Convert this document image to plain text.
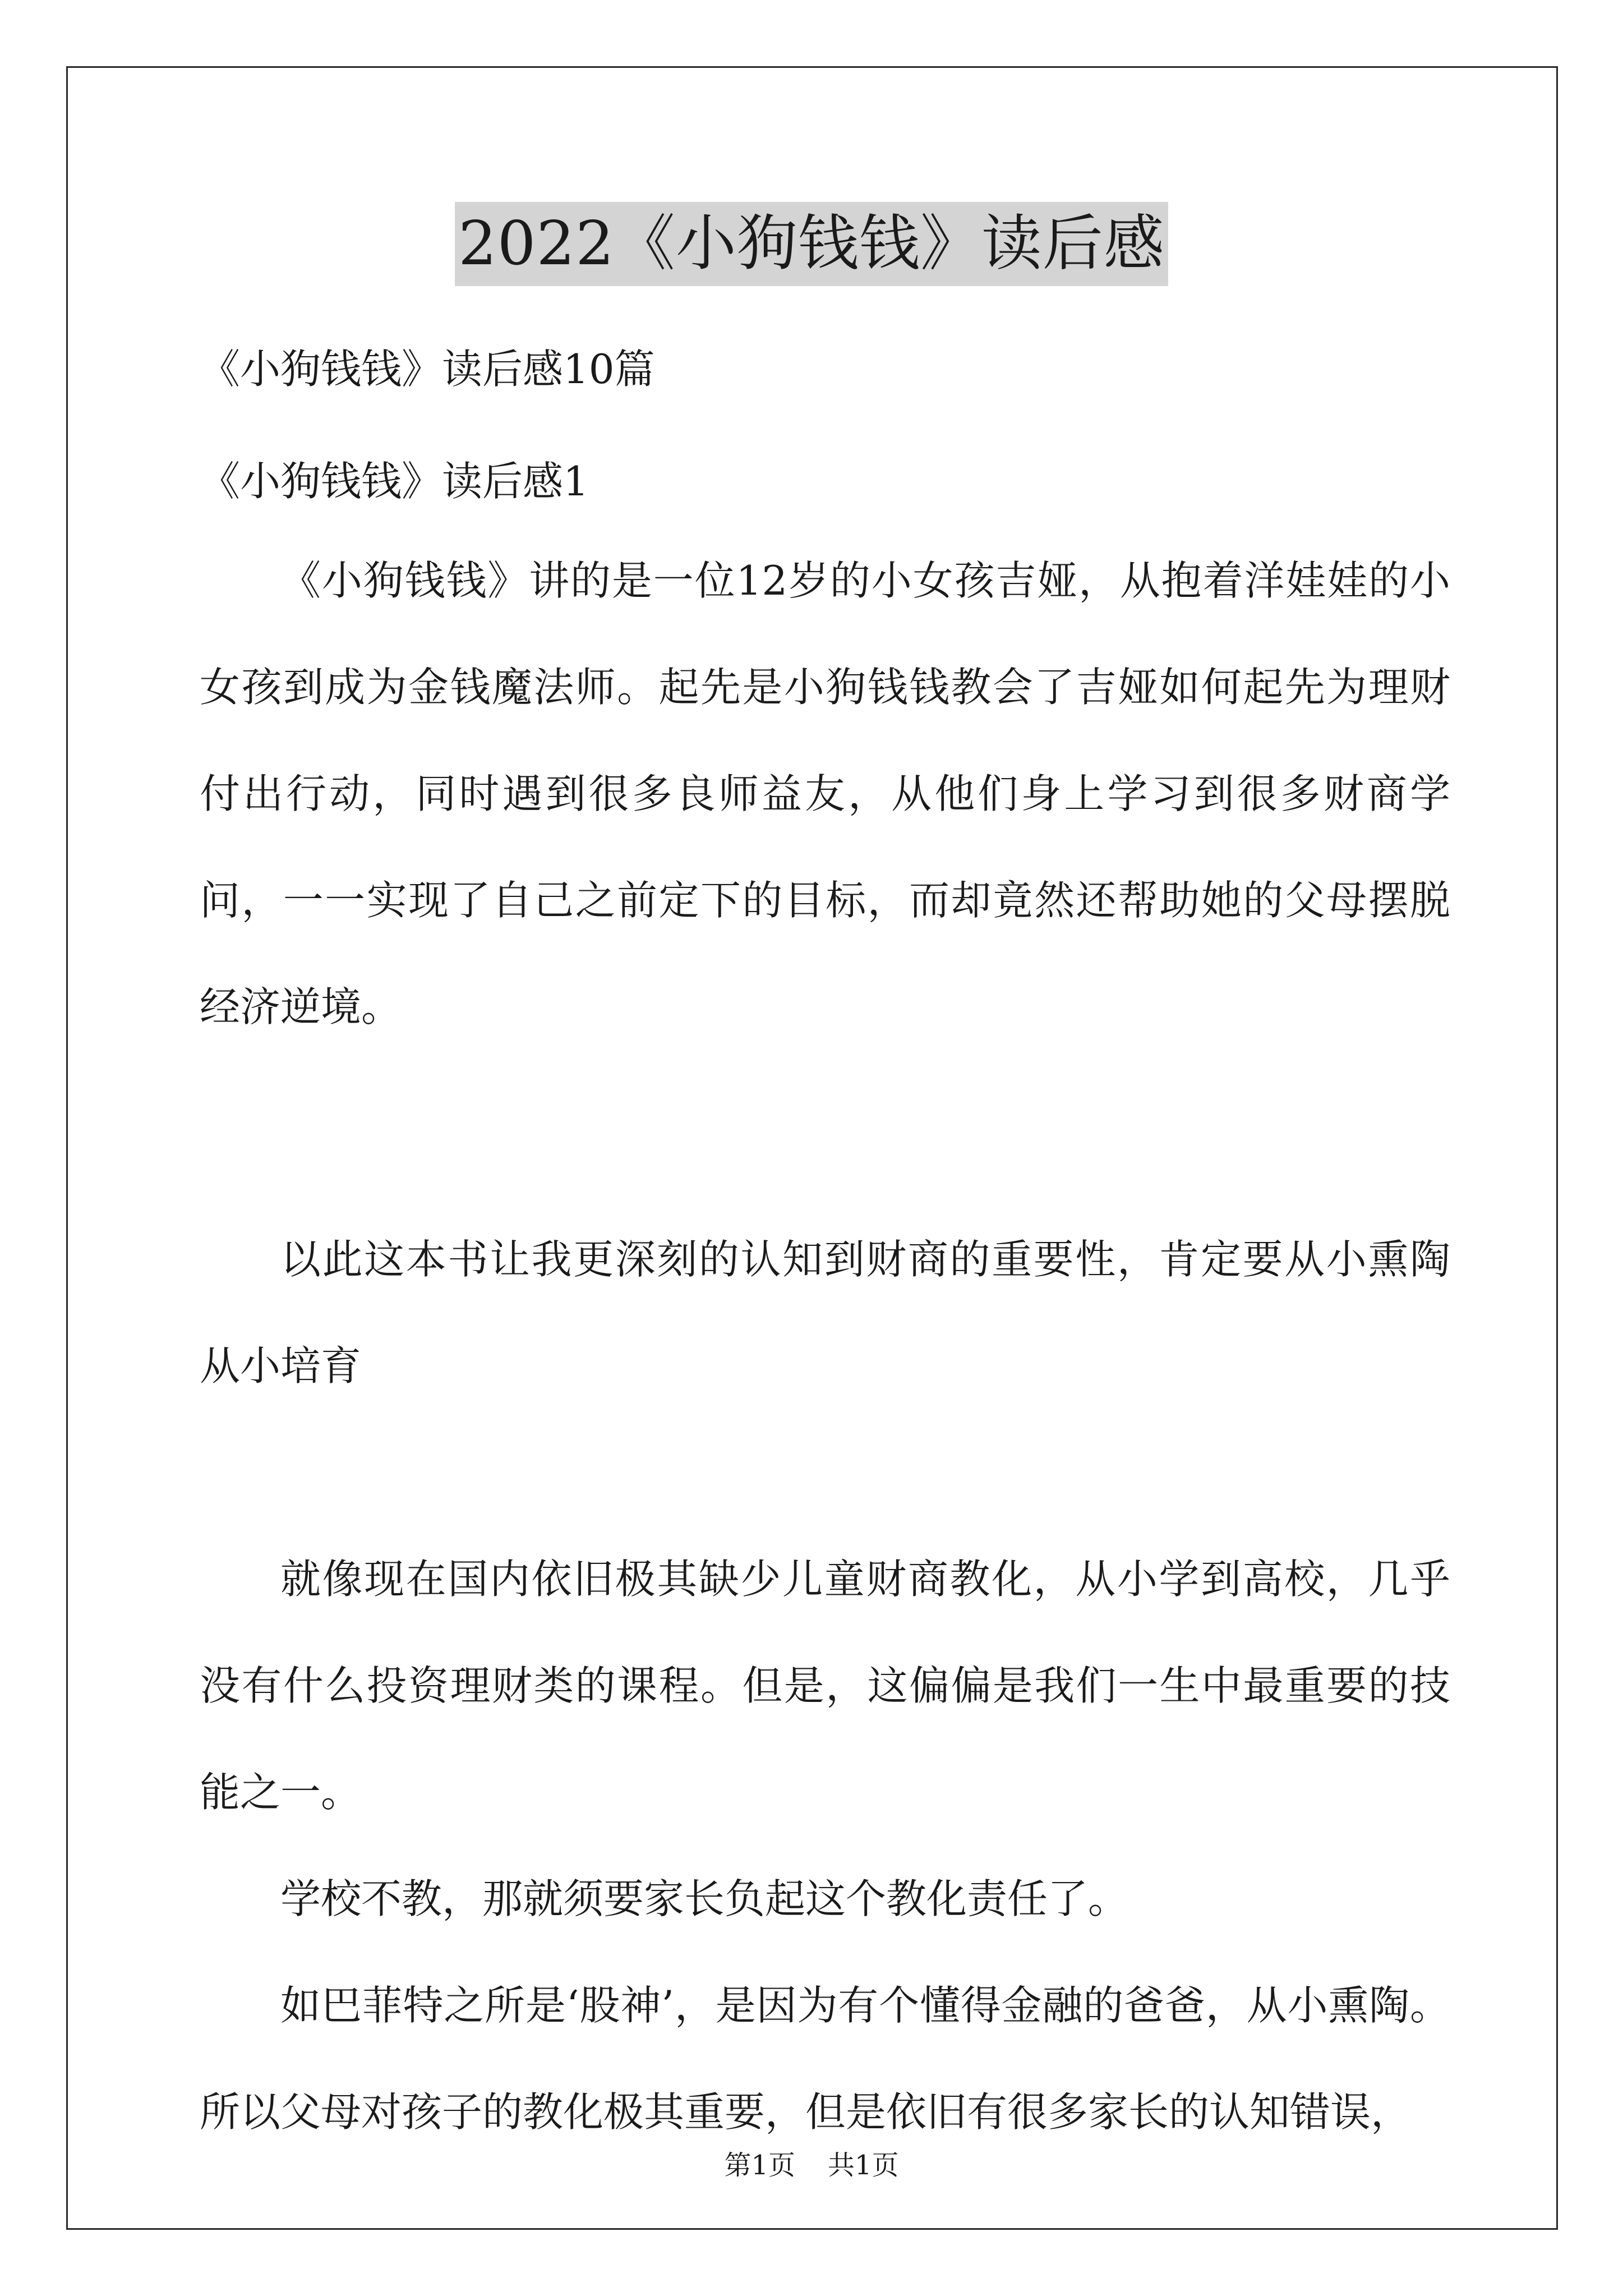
2022《小狗钱钱》读后感
《小狗钱钱》读后感10篇
《小狗钱钱》读后感1
《小狗钱钱》讲的是一位12岁的小女孩吉娅，从抱着洋娃娃的小女孩到成为金钱魔法师。起先是小狗钱钱教会了吉娅如何起先为理财付出行动，同时遇到很多良师益友，从他们身上学习到很多财商学问，一一实现了自己之前定下的目标，而却竟然还帮助她的父母摆脱经济逆境。
以此这本书让我更深刻的认知到财商的重要性，肯定要从小熏陶从小培育
就像现在国内依旧极其缺少儿童财商教化，从小学到高校，几乎没有什么投资理财类的课程。但是，这偏偏是我们一生中最重要的技能之一。
学校不教，那就须要家长负起这个教化责任了。
如巴菲特之所是‘股神’，是因为有个懂得金融的爸爸，从小熏陶。所以父母对孩子的教化极其重要，但是依旧有很多家长的认知错误，
第1页 共1页
